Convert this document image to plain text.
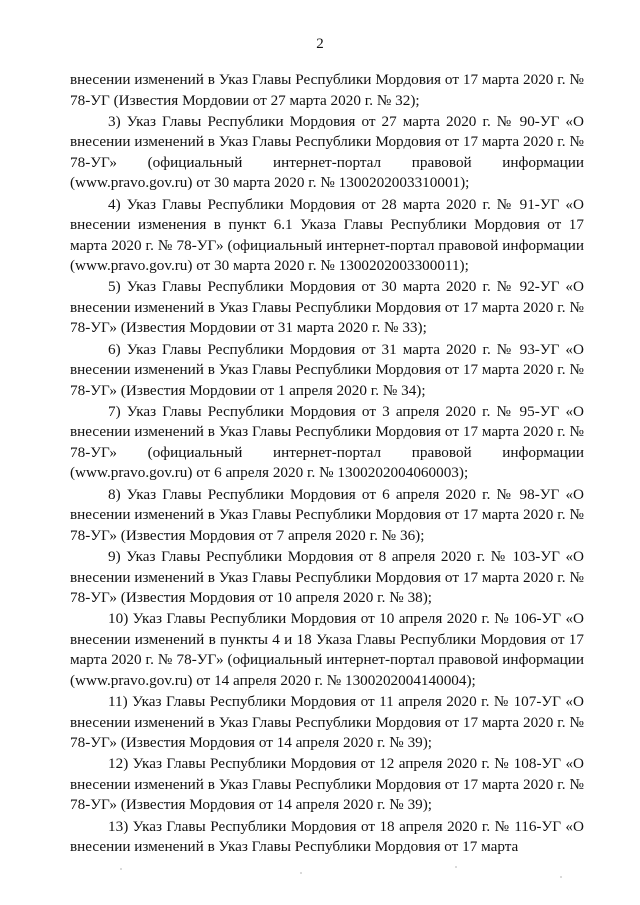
2

внесении изменений в Указ Главы Республики Мордовия от 17 марта 2020 г. № 78-УГ (Известия Мордовии от 27 марта 2020 г. № 32);

3) Указ Главы Республики Мордовия от 27 марта 2020 г. № 90-УГ «О внесении изменений в Указ Главы Республики Мордовия от 17 марта 2020 г. № 78-УГ» (официальный интернет-портал правовой информации (www.pravo.gov.ru) от 30 марта 2020 г. № 1300202003310001);

4) Указ Главы Республики Мордовия от 28 марта 2020 г. № 91-УГ «О внесении изменения в пункт 6.1 Указа Главы Республики Мордовия от 17 марта 2020 г. № 78-УГ» (официальный интернет-портал правовой информации (www.pravo.gov.ru) от 30 марта 2020 г. № 1300202003300011);

5) Указ Главы Республики Мордовия от 30 марта 2020 г. № 92-УГ «О внесении изменений в Указ Главы Республики Мордовия от 17 марта 2020 г. № 78-УГ» (Известия Мордовии от 31 марта 2020 г. № 33);

6) Указ Главы Республики Мордовия от 31 марта 2020 г. № 93-УГ «О внесении изменений в Указ Главы Республики Мордовия от 17 марта 2020 г. № 78-УГ» (Известия Мордовии от 1 апреля 2020 г. № 34);

7) Указ Главы Республики Мордовия от 3 апреля 2020 г. № 95-УГ «О внесении изменений в Указ Главы Республики Мордовия от 17 марта 2020 г. № 78-УГ» (официальный интернет-портал правовой информации (www.pravo.gov.ru) от 6 апреля 2020 г. № 1300202004060003);

8) Указ Главы Республики Мордовия от 6 апреля 2020 г. № 98-УГ «О внесении изменений в Указ Главы Республики Мордовия от 17 марта 2020 г. № 78-УГ» (Известия Мордовия от 7 апреля 2020 г. № 36);

9) Указ Главы Республики Мордовия от 8 апреля 2020 г. № 103-УГ «О внесении изменений в Указ Главы Республики Мордовия от 17 марта 2020 г. № 78-УГ» (Известия Мордовия от 10 апреля 2020 г. № 38);

10) Указ Главы Республики Мордовия от 10 апреля 2020 г. № 106-УГ «О внесении изменений в пункты 4 и 18 Указа Главы Республики Мордовия от 17 марта 2020 г. № 78-УГ» (официальный интернет-портал правовой информации (www.pravo.gov.ru) от 14 апреля 2020 г. № 1300202004140004);

11) Указ Главы Республики Мордовия от 11 апреля 2020 г. № 107-УГ «О внесении изменений в Указ Главы Республики Мордовия от 17 марта 2020 г. № 78-УГ» (Известия Мордовия от 14 апреля 2020 г. № 39);

12) Указ Главы Республики Мордовия от 12 апреля 2020 г. № 108-УГ «О внесении изменений в Указ Главы Республики Мордовия от 17 марта 2020 г. № 78-УГ» (Известия Мордовия от 14 апреля 2020 г. № 39);

13) Указ Главы Республики Мордовия от 18 апреля 2020 г. № 116-УГ «О внесении изменений в Указ Главы Республики Мордовия от 17 марта
